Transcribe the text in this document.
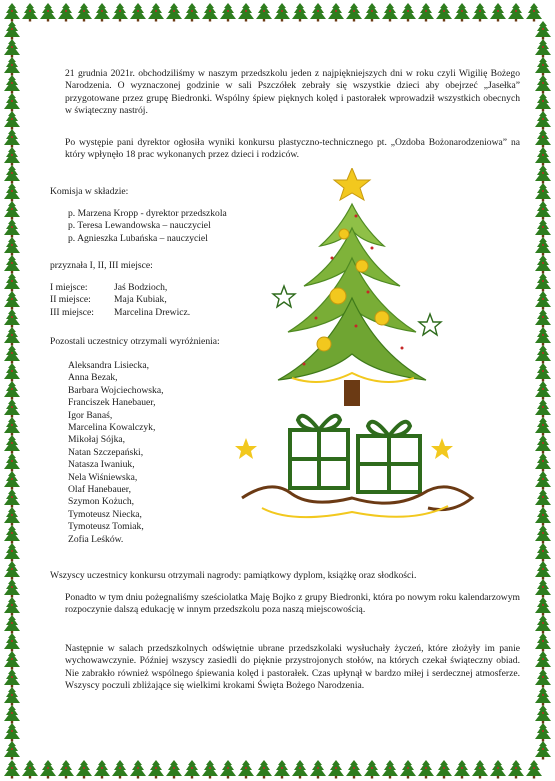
21 grudnia 2021r. obchodziliśmy w naszym przedszkolu jeden z najpiękniejszych dni w roku czyli Wigilię Bożego Narodzenia. O wyznaczonej godzinie w sali Pszczółek zebrały się wszystkie dzieci aby obejrzeć „Jasełka” przygotowane przez grupę Biedronki. Wspólny śpiew pięknych kolęd i pastorałek wprowadził wszystkich obecnych w świąteczny nastrój.

Po występie pani dyrektor ogłosiła wyniki konkursu plastyczno-technicznego pt. „Ozdoba Bożonarodzeniowa” na który wpłynęło 18 prac wykonanych przez dzieci i rodziców.

Komisja w składzie:

p. Marzena Kropp - dyrektor przedszkola
p. Teresa Lewandowska – nauczyciel
p. Agnieszka Lubańska – nauczyciel

przyznała I, II, III miejsce:

I miejsce:	Jaś Bodzioch,
II miejsce:	Maja Kubiak,
III miejsce:	Marcelina Drewicz.

Pozostali uczestnicy otrzymali wyróżnienia:

Aleksandra Lisiecka,
Anna Bezak,
Barbara Wojciechowska,
Franciszek Hanebauer,
Igor Banaś,
Marcelina Kowalczyk,
Mikołaj Sójka,
Natan Szczepański,
Natasza Iwaniuk,
Nela Wiśniewska,
Olaf Hanebauer,
Szymon Kożuch,
Tymoteusz Niecka,
Tymoteusz Tomiak,
Zofia Leśków.

Wszyscy uczestnicy konkursu otrzymali nagrody: pamiątkowy dyplom, książkę oraz słodkości.

Ponadto w tym dniu pożegnaliśmy sześciolatka Maję Bojko z grupy Biedronki, która po nowym roku kalendarzowym rozpoczynie dalszą edukację w innym przedszkolu poza naszą miejscowością.

Następnie w salach przedszkolnych odświętnie ubrane przedszkolaki wysłuchały życzeń, które złożyły im panie wychowawczynie. Później wszyscy zasiedli do pięknie przystrojonych stołów, na których czekał świąteczny obiad. Nie zabrakło również wspólnego śpiewania kolęd i pastorałek. Czas upłynął w bardzo miłej i serdecznej atmosferze. Wszyscy poczuli zbliżające się wielkimi krokami Święta Bożego Narodzenia.
